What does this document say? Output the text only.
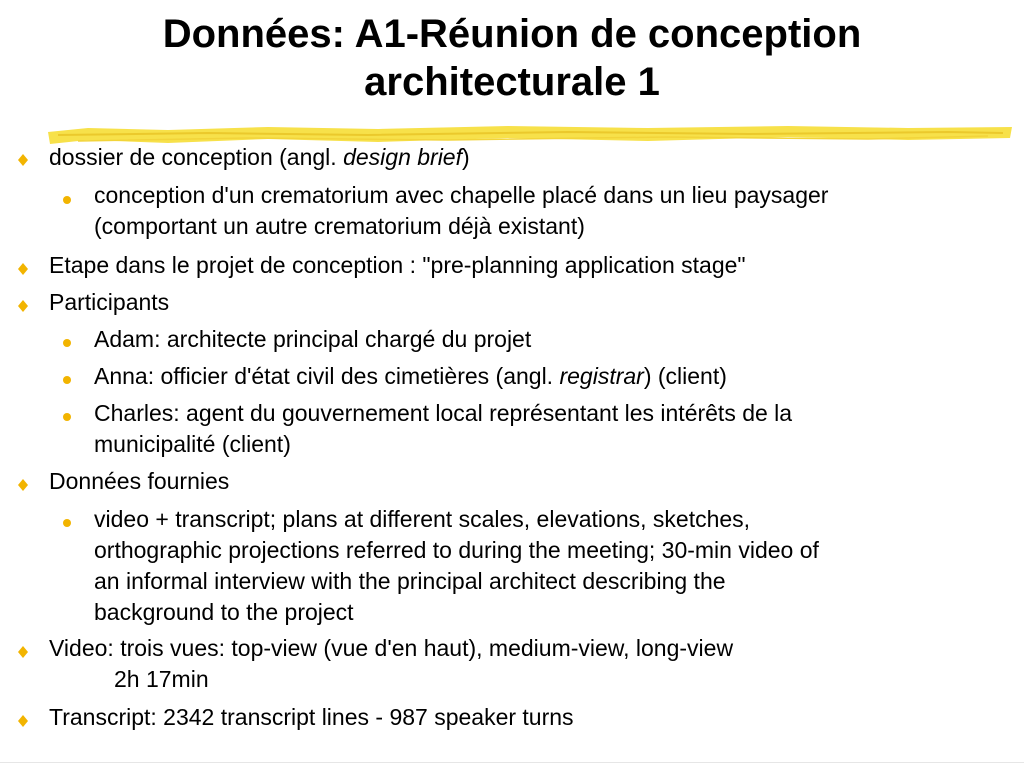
Données: A1-Réunion de conception
architecturale 1
dossier de conception (angl. design brief)
conception d'un crematorium avec chapelle placé dans un lieu paysager
(comportant un autre crematorium déjà existant)
Etape dans le projet de conception : "pre-planning application stage"
Participants
Adam: architecte principal chargé du projet
Anna: officier d'état civil des cimetières (angl. registrar) (client)
Charles: agent du gouvernement local représentant les intérêts de la
municipalité (client)
Données fournies
video + transcript; plans at different scales, elevations, sketches,
orthographic projections referred to during the meeting; 30-min video of
an informal interview with the principal architect describing the
background to the project
Video: trois vues: top-view (vue d'en haut), medium-view, long-view
2h 17min
Transcript: 2342 transcript lines - 987 speaker turns
